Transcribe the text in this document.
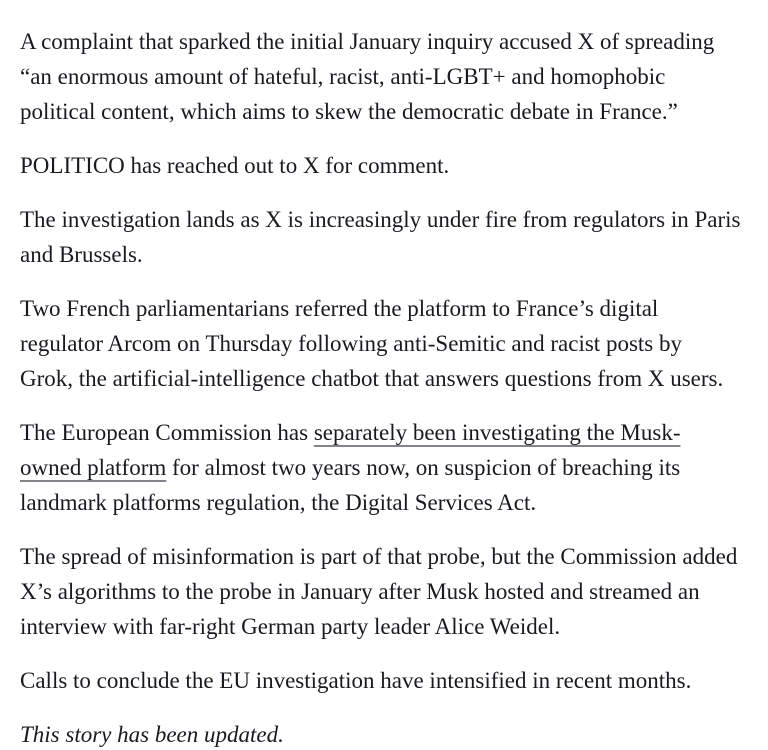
A complaint that sparked the initial January inquiry accused X of spreading
“an enormous amount of hateful, racist, anti-LGBT+ and homophobic
political content, which aims to skew the democratic debate in France.”

POLITICO has reached out to X for comment.

The investigation lands as X is increasingly under fire from regulators in Paris
and Brussels.

Two French parliamentarians referred the platform to France’s digital
regulator Arcom on Thursday following anti-Semitic and racist posts by
Grok, the artificial-intelligence chatbot that answers questions from X users.

The European Commission has separately been investigating the Musk-
owned platform for almost two years now, on suspicion of breaching its
landmark platforms regulation, the Digital Services Act.

The spread of misinformation is part of that probe, but the Commission added
X’s algorithms to the probe in January after Musk hosted and streamed an
interview with far-right German party leader Alice Weidel.

Calls to conclude the EU investigation have intensified in recent months.

This story has been updated.
